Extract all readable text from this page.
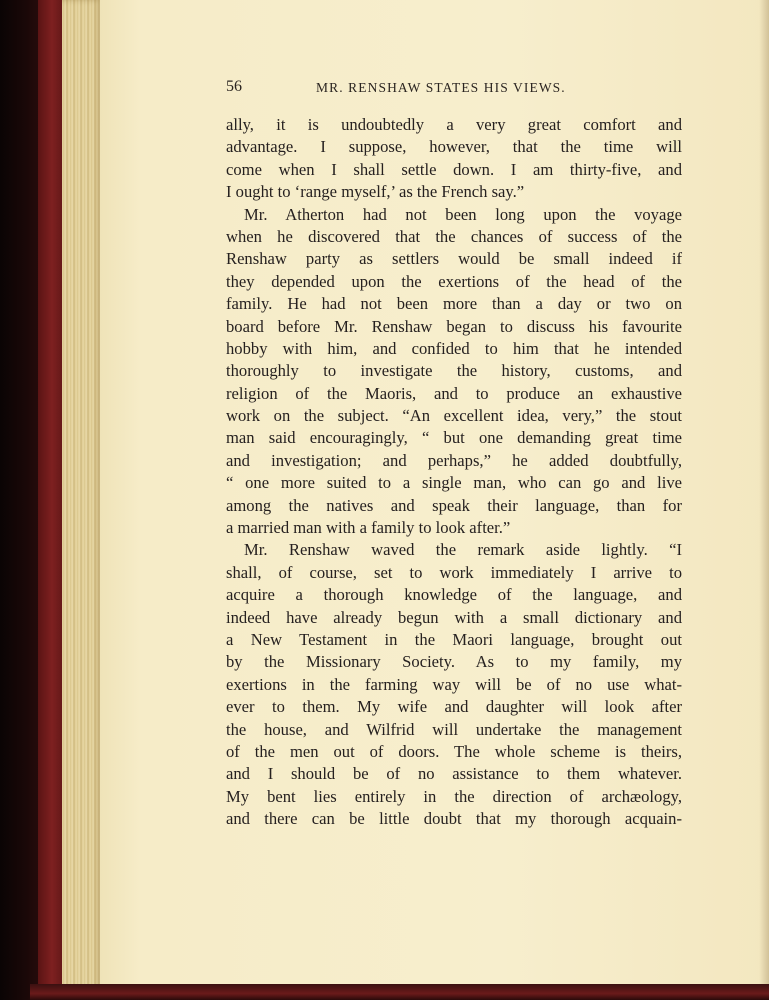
56	MR. RENSHAW STATES HIS VIEWS.
ally, it is undoubtedly a very great comfort and
advantage. I suppose, however, that the time will
come when I shall settle down. I am thirty-five, and
I ought to ‘range myself,’ as the French say.”
Mr. Atherton had not been long upon the voyage
when he discovered that the chances of success of the
Renshaw party as settlers would be small indeed if
they depended upon the exertions of the head of the
family. He had not been more than a day or two on
board before Mr. Renshaw began to discuss his favourite
hobby with him, and confided to him that he intended
thoroughly to investigate the history, customs, and
religion of the Maoris, and to produce an exhaustive
work on the subject. “An excellent idea, very,” the stout
man said encouragingly, “ but one demanding great time
and investigation; and perhaps,” he added doubtfully,
“ one more suited to a single man, who can go and live
among the natives and speak their language, than for
a married man with a family to look after.”
Mr. Renshaw waved the remark aside lightly. “I
shall, of course, set to work immediately I arrive to
acquire a thorough knowledge of the language, and
indeed have already begun with a small dictionary and
a New Testament in the Maori language, brought out
by the Missionary Society. As to my family, my
exertions in the farming way will be of no use what-
ever to them. My wife and daughter will look after
the house, and Wilfrid will undertake the management
of the men out of doors. The whole scheme is theirs,
and I should be of no assistance to them whatever.
My bent lies entirely in the direction of archæology,
and there can be little doubt that my thorough acquain-
